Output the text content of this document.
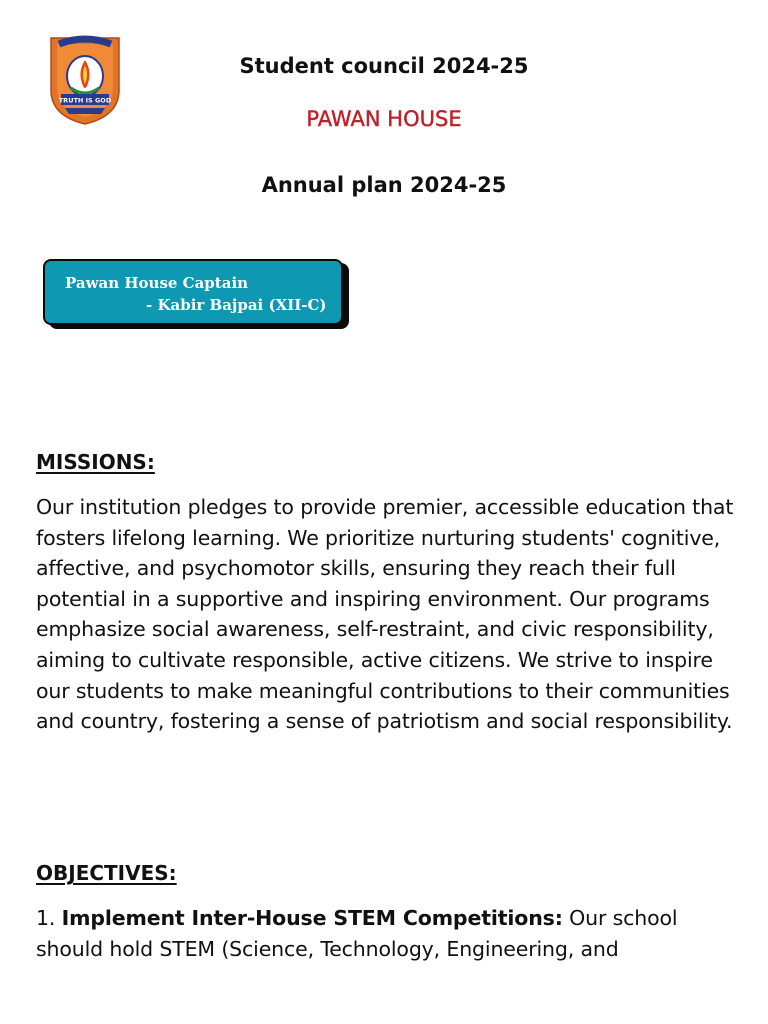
TRUTH IS GOD
Student council 2024-25
PAWAN HOUSE
Annual plan 2024-25
Pawan House Captain
- Kabir Bajpai (XII-C)
MISSIONS:

Our institution pledges to provide premier, accessible education that fosters lifelong learning. We prioritize nurturing students' cognitive, affective, and psychomotor skills, ensuring they reach their full potential in a supportive and inspiring environment. Our programs emphasize social awareness, self-restraint, and civic responsibility, aiming to cultivate responsible, active citizens. We strive to inspire our students to make meaningful contributions to their communities and country, fostering a sense of patriotism and social responsibility.

OBJECTIVES:

1. Implement Inter-House STEM Competitions: Our school should hold STEM (Science, Technology, Engineering, and
